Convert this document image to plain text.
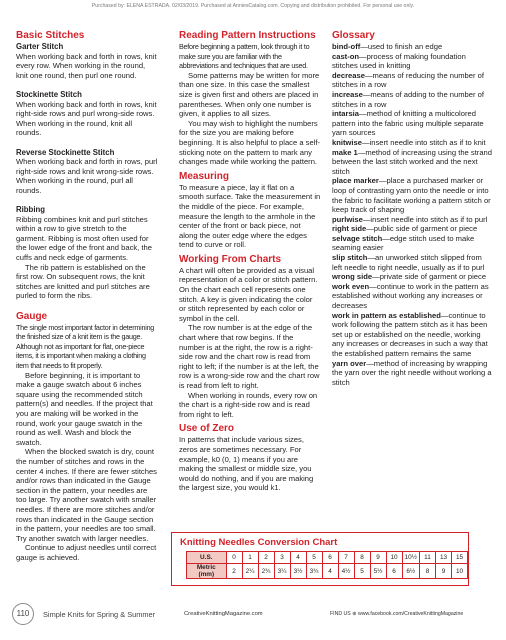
Purchased by: ELENA ESTRADA. 02/03/2019. Purchased at AnniesCatalog.com. Copying and distribution prohibited. For personal use only.
Basic Stitches
Garter Stitch

When working back and forth in rows, knit every row. When working in the round, knit one round, then purl one round.

Stockinette Stitch

When working back and forth in rows, knit right-side rows and purl wrong-side rows. When working in the round, knit all rounds.

Reverse Stockinette Stitch

When working back and forth in rows, purl right-side rows and knit wrong-side rows. When working in the round, purl all rounds.

Ribbing

Ribbing combines knit and purl stitches within a row to give stretch to the garment. Ribbing is most often used for the lower edge of the front and back, the cuffs and neck edge of garments.

The rib pattern is established on the first row. On subsequent rows, the knit stitches are knitted and purl stitches are purled to form the ribs.

Gauge

The single most important factor in determining the finished size of a knit item is the gauge. Although not as important for flat, one-piece items, it is important when making a clothing item that needs to fit properly.

Before beginning, it is important to make a gauge swatch about 6 inches square using the recommended stitch pattern(s) and needles. If the project that you are making will be worked in the round, work your gauge swatch in the round as well. Wash and block the swatch.

When the blocked swatch is dry, count the number of stitches and rows in the center 4 inches. If there are fewer stitches and/or rows than indicated in the Gauge section in the pattern, your needles are too large. Try another swatch with smaller needles. If there are more stitches and/or rows than indicated in the Gauge section in the pattern, your needles are too small. Try another swatch with larger needles.

Continue to adjust needles until correct gauge is achieved.

Reading Pattern Instructions

Before beginning a pattern, look through it to make sure you are familiar with the abbreviations and techniques that are used.

Some patterns may be written for more than one size. In this case the smallest size is given first and others are placed in parentheses. When only one number is given, it applies to all sizes.

You may wish to highlight the numbers for the size you are making before beginning. It is also helpful to place a self-sticking note on the pattern to mark any changes made while working the pattern.

Measuring

To measure a piece, lay it flat on a smooth surface. Take the measurement in the middle of the piece. For example, measure the length to the armhole in the center of the front or back piece, not along the outer edge where the edges tend to curve or roll.

Working From Charts

A chart will often be provided as a visual representation of a color or stitch pattern. On the chart each cell represents one stitch. A key is given indicating the color or stitch represented by each color or symbol in the cell.

The row number is at the edge of the chart where that row begins. If the number is at the right, the row is a right-side row and the chart row is read from right to left; if the number is at the left, the row is a wrong-side row and the chart row is read from left to right.

When working in rounds, every row on the chart is a right-side row and is read from right to left.

Use of Zero

In patterns that include various sizes, zeros are sometimes necessary. For example, k0 (0, 1) means if you are making the smallest or middle size, you would do nothing, and if you are making the largest size, you would k1.

Glossary

bind-off—used to finish an edge

cast-on—process of making foundation stitches used in knitting

decrease—means of reducing the number of stitches in a row

increase—means of adding to the number of stitches in a row

intarsia—method of knitting a multicolored pattern into the fabric using multiple separate yarn sources

knitwise—insert needle into stitch as if to knit

make 1—method of increasing using the strand between the last stitch worked and the next stitch

place marker—place a purchased marker or loop of contrasting yarn onto the needle or into the fabric to facilitate working a pattern stitch or keep track of shaping

purlwise—insert needle into stitch as if to purl

right side—public side of garment or piece

selvage stitch—edge stitch used to make seaming easier

slip stitch—an unworked stitch slipped from left needle to right needle, usually as if to purl

wrong side—private side of garment or piece

work even—continue to work in the pattern as established without working any increases or decreases

work in pattern as established—continue to work following the pattern stitch as it has been set up or established on the needle, working any increases or decreases in such a way that the established pattern remains the same

yarn over—method of increasing by wrapping the yarn over the right needle without working a stitch

Knitting Needles Conversion Chart
U.S.	0	1	2	3	4	5	6	7	8	9	10	10½	11	13	15
Metric (mm)	2	2¼	2¾	3¼	3½	3¾	4	4½	5	5½	6	6½	8	9	10
110	Simple Knits for Spring & Summer	CreativeKnittingMagazine.com	FIND US ⊕ www.facebook.com/CreativeKnittingMagazine
